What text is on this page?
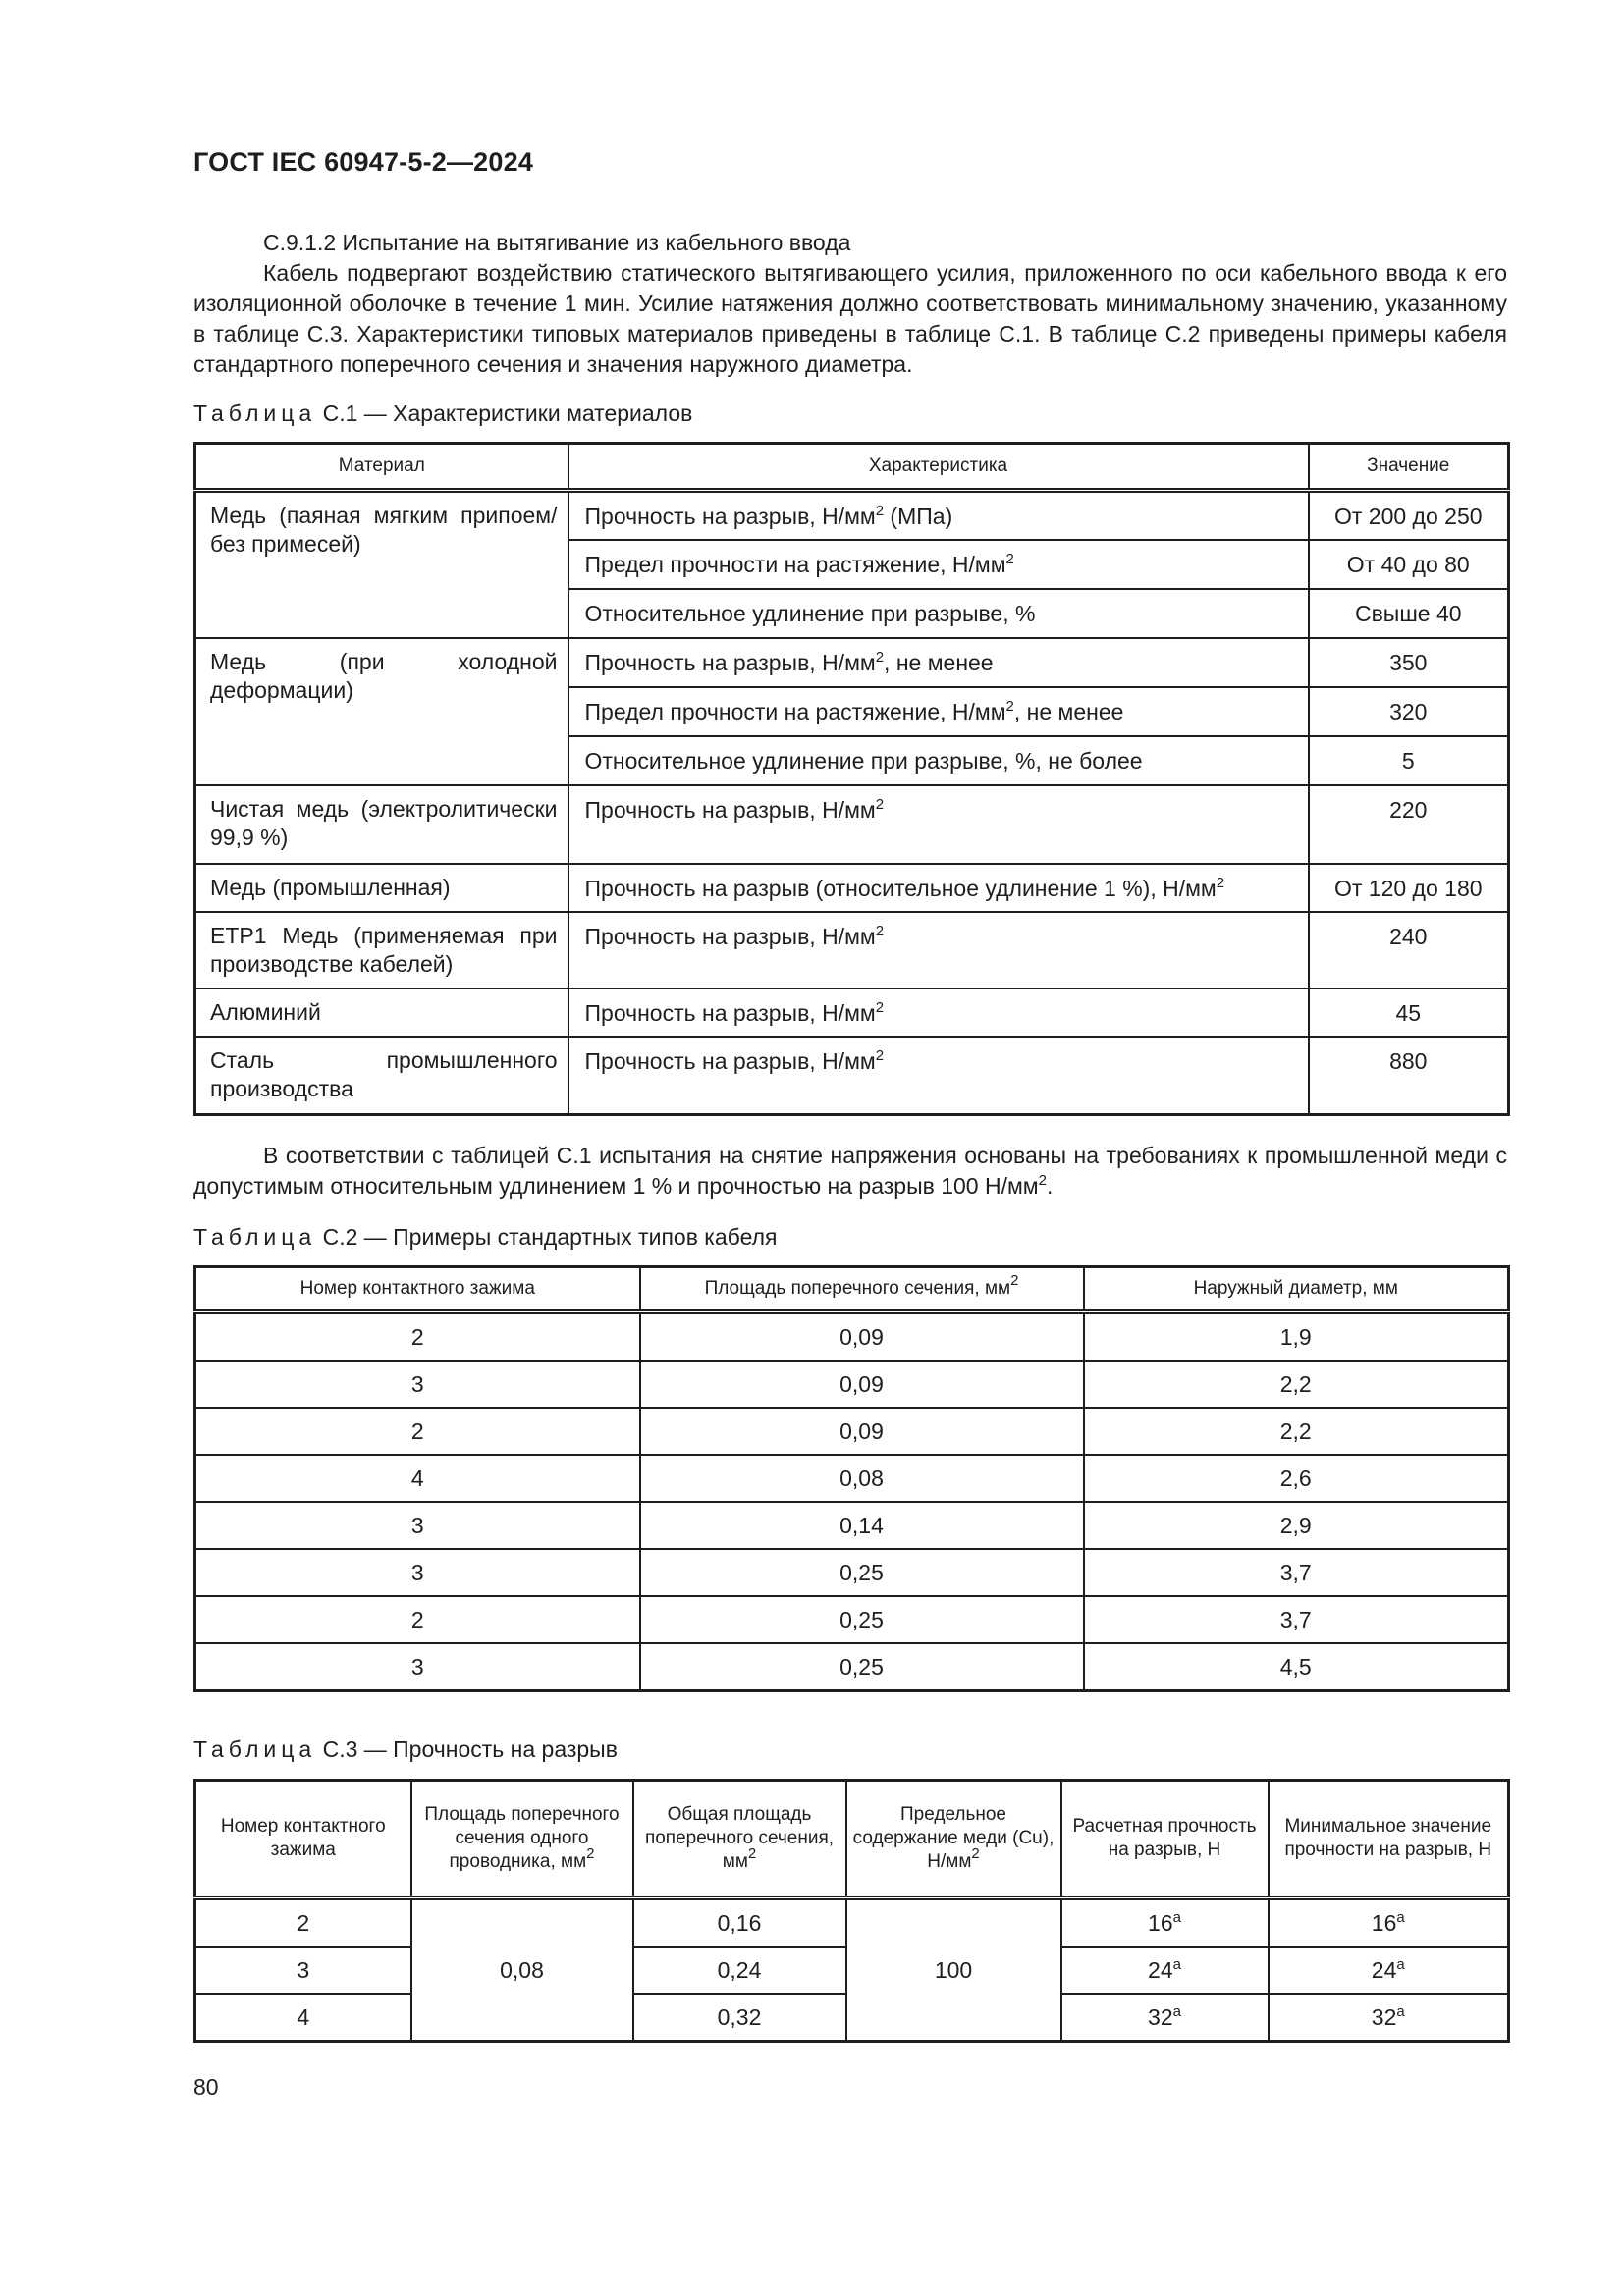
ГОСТ IEC 60947-5-2—2024

С.9.1.2 Испытание на вытягивание из кабельного ввода

Кабель подвергают воздействию статического вытягивающего усилия, приложенного по оси кабельного ввода к его изоляционной оболочке в течение 1 мин. Усилие натяжения должно соответствовать минимальному значению, указанному в таблице С.3. Характеристики типовых материалов приведены в таблице С.1. В таблице С.2 приведены примеры кабеля стандартного поперечного сечения и значения наружного диаметра.

Таблица С.1 — Характеристики материалов
Материал	Характеристика	Значение
Медь (паяная мягким припоем/без примесей)	Прочность на разрыв, $Н/мм^2$ (МПа)	От 200 до 250
	Предел прочности на растяжение, $Н/мм^2$	От 40 до 80
	Относительное удлинение при разрыве, %	Свыше 40
Медь (при холодной деформации)	Прочность на разрыв, $Н/мм^2$, не менее	350
	Предел прочности на растяжение, $Н/мм^2$, не менее	320
	Относительное удлинение при разрыве, %, не более	5
Чистая медь (электролитически 99,9 %)	Прочность на разрыв, $Н/мм^2$	220
Медь (промышленная)	Прочность на разрыв (относительное удлинение 1 %), $Н/мм^2$	От 120 до 180
ЕТР1 Медь (применяемая при производстве кабелей)	Прочность на разрыв, $Н/мм^2$	240
Алюминий	Прочность на разрыв, $Н/мм^2$	45
Сталь промышленного производства	Прочность на разрыв, $Н/мм^2$	880

В соответствии с таблицей С.1 испытания на снятие напряжения основаны на требованиях к промышленной меди с допустимым относительным удлинением 1 % и прочностью на разрыв 100 $Н/мм^2$.

Таблица С.2 — Примеры стандартных типов кабеля
Номер контактного зажима	Площадь поперечного сечения, $мм^2$	Наружный диаметр, мм
2	0,09	1,9
3	0,09	2,2
2	0,09	2,2
4	0,08	2,6
3	0,14	2,9
3	0,25	3,7
2	0,25	3,7
3	0,25	4,5
Таблица С.3 — Прочность на разрыв
Номер контактного зажима	Площадь поперечного сечения одного проводника, $мм^2$	Общая площадь поперечного сечения, $мм^2$	Предельное содержание меди (Cu), $Н/мм^2$	Расчетная прочность на разрыв, Н	Минимальное значение прочности на разрыв, Н
2	0,08	0,16	100	16$^a$	16$^a$
3		0,24		24$^a$	24$^a$
4		0,32		32$^a$	32$^a$
80
